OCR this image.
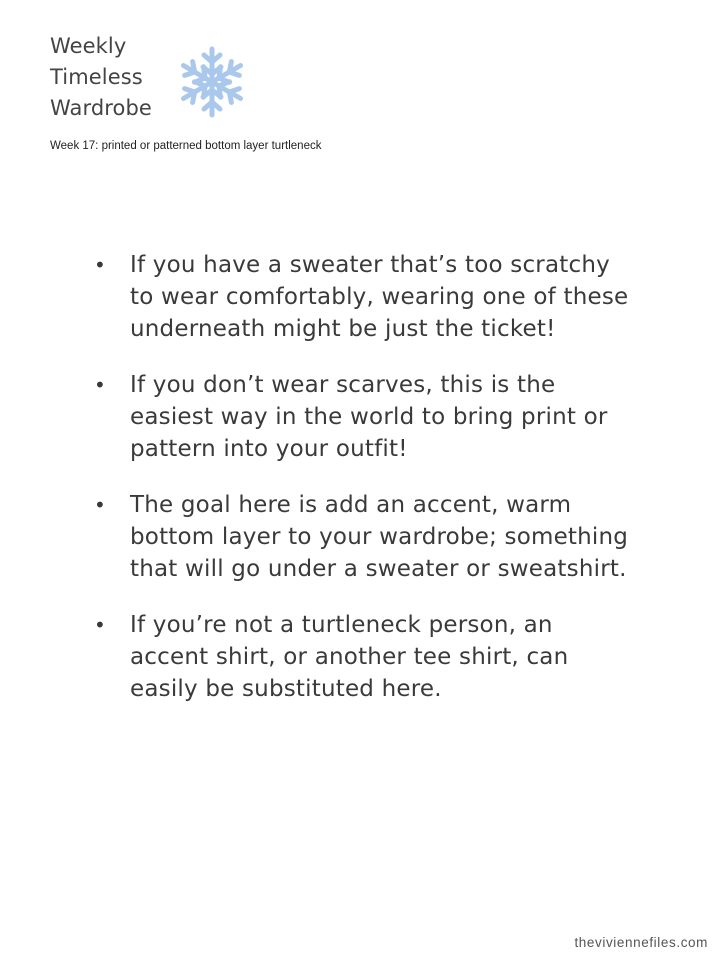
Weekly
Timeless
Wardrobe
Week 17: printed or patterned bottom layer turtleneck
• If you have a sweater that’s too scratchy to wear comfortably, wearing one of these underneath might be just the ticket!
• If you don’t wear scarves, this is the easiest way in the world to bring print or pattern into your outfit!
• The goal here is add an accent, warm bottom layer to your wardrobe; something that will go under a sweater or sweatshirt.
• If you’re not a turtleneck person, an accent shirt, or another tee shirt, can easily be substituted here.
theviviennefiles.com
